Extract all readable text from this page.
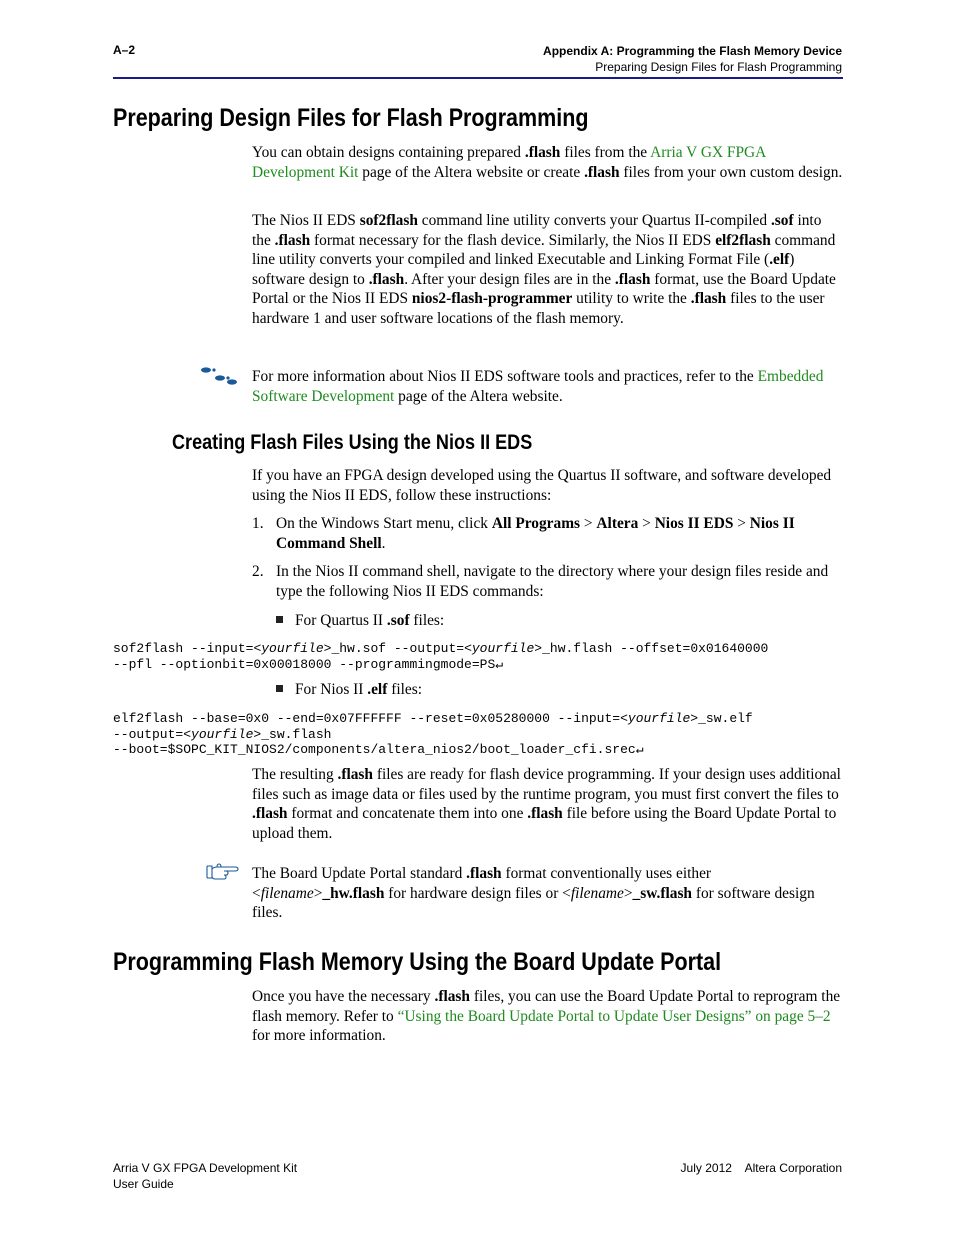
A–2	Appendix A: Programming the Flash Memory Device
Preparing Design Files for Flash Programming
Preparing Design Files for Flash Programming

You can obtain designs containing prepared .flash files from the Arria V GX FPGA Development Kit page of the Altera website or create .flash files from your own custom design.

The Nios II EDS sof2flash command line utility converts your Quartus II-compiled .sof into the .flash format necessary for the flash device. Similarly, the Nios II EDS elf2flash command line utility converts your compiled and linked Executable and Linking Format File (.elf) software design to .flash. After your design files are in the .flash format, use the Board Update Portal or the Nios II EDS nios2-flash-programmer utility to write the .flash files to the user hardware 1 and user software locations of the flash memory.

For more information about Nios II EDS software tools and practices, refer to the Embedded Software Development page of the Altera website.

Creating Flash Files Using the Nios II EDS

If you have an FPGA design developed using the Quartus II software, and software developed using the Nios II EDS, follow these instructions:

1. On the Windows Start menu, click All Programs > Altera > Nios II EDS > Nios II Command Shell.

2. In the Nios II command shell, navigate to the directory where your design files reside and type the following Nios II EDS commands:

For Quartus II .sof files:

sof2flash --input=<yourfile>_hw.sof --output=<yourfile>_hw.flash --offset=0x01640000
--pfl --optionbit=0x00018000 --programmingmode=PS↵

For Nios II .elf files:

elf2flash --base=0x0 --end=0x07FFFFFF --reset=0x05280000 --input=<yourfile>_sw.elf
--output=<yourfile>_sw.flash
--boot=$SOPC_KIT_NIOS2/components/altera_nios2/boot_loader_cfi.srec↵

The resulting .flash files are ready for flash device programming. If your design uses additional files such as image data or files used by the runtime program, you must first convert the files to .flash format and concatenate them into one .flash file before using the Board Update Portal to upload them.

The Board Update Portal standard .flash format conventionally uses either <filename>_hw.flash for hardware design files or <filename>_sw.flash for software design files.

Programming Flash Memory Using the Board Update Portal

Once you have the necessary .flash files, you can use the Board Update Portal to reprogram the flash memory. Refer to “Using the Board Update Portal to Update User Designs” on page 5–2 for more information.

Arria V GX FPGA Development Kit
User Guide
July 2012 Altera Corporation
